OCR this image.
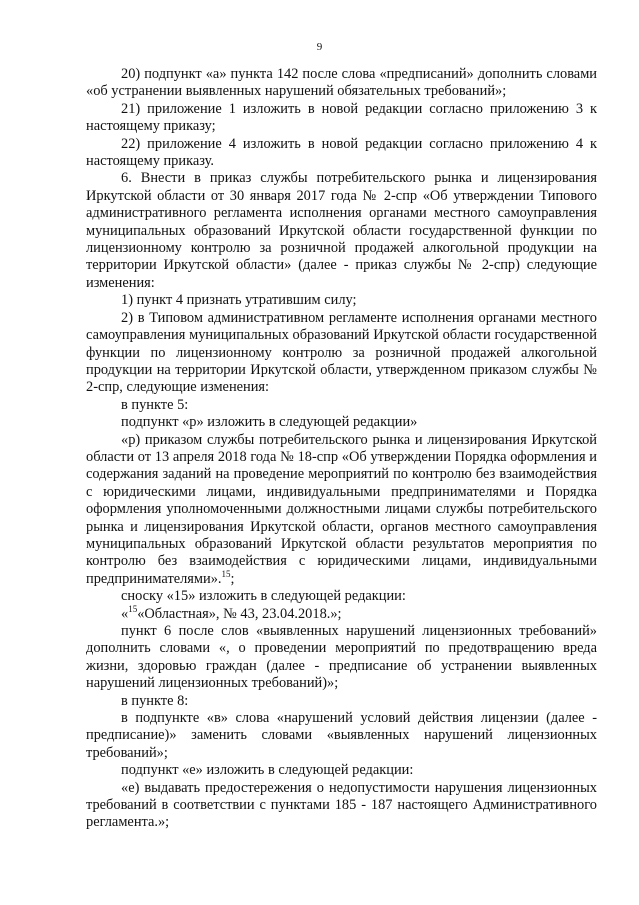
9

20) подпункт «а» пункта 142 после слова «предписаний» дополнить словами «об устранении выявленных нарушений обязательных требований»;

21) приложение 1 изложить в новой редакции согласно приложению 3 к настоящему приказу;

22) приложение 4 изложить в новой редакции согласно приложению 4 к настоящему приказу.

6. Внести в приказ службы потребительского рынка и лицензирования Иркутской области от 30 января 2017 года № 2-спр «Об утверждении Типового административного регламента исполнения органами местного самоуправления муниципальных образований Иркутской области государственной функции по лицензионному контролю за розничной продажей алкогольной продукции на территории Иркутской области» (далее - приказ службы № 2-спр) следующие изменения:

1) пункт 4 признать утратившим силу;

2) в Типовом административном регламенте исполнения органами местного самоуправления муниципальных образований Иркутской области государственной функции по лицензионному контролю за розничной продажей алкогольной продукции на территории Иркутской области, утвержденном приказом службы № 2-спр, следующие изменения:

в пункте 5:

подпункт «р» изложить в следующей редакции»

«р) приказом службы потребительского рынка и лицензирования Иркутской области от 13 апреля 2018 года № 18-спр «Об утверждении Порядка оформления и содержания заданий на проведение мероприятий по контролю без взаимодействия с юридическими лицами, индивидуальными предпринимателями и Порядка оформления уполномоченными должностными лицами службы потребительского рынка и лицензирования Иркутской области, органов местного самоуправления муниципальных образований Иркутской области результатов мероприятия по контролю без взаимодействия с юридическими лицами, индивидуальными предпринимателями».$^{15}$;

сноску «15» изложить в следующей редакции:

«$^{15}$«Областная», № 43, 23.04.2018.»;

пункт 6 после слов «выявленных нарушений лицензионных требований» дополнить словами «, о проведении мероприятий по предотвращению вреда жизни, здоровью граждан (далее - предписание об устранении выявленных нарушений лицензионных требований)»;

в пункте 8:

в подпункте «в» слова «нарушений условий действия лицензии (далее - предписание)» заменить словами «выявленных нарушений лицензионных требований»;

подпункт «е» изложить в следующей редакции:

«е) выдавать предостережения о недопустимости нарушения лицензионных требований в соответствии с пунктами 185 - 187 настоящего Административного регламента.»;
